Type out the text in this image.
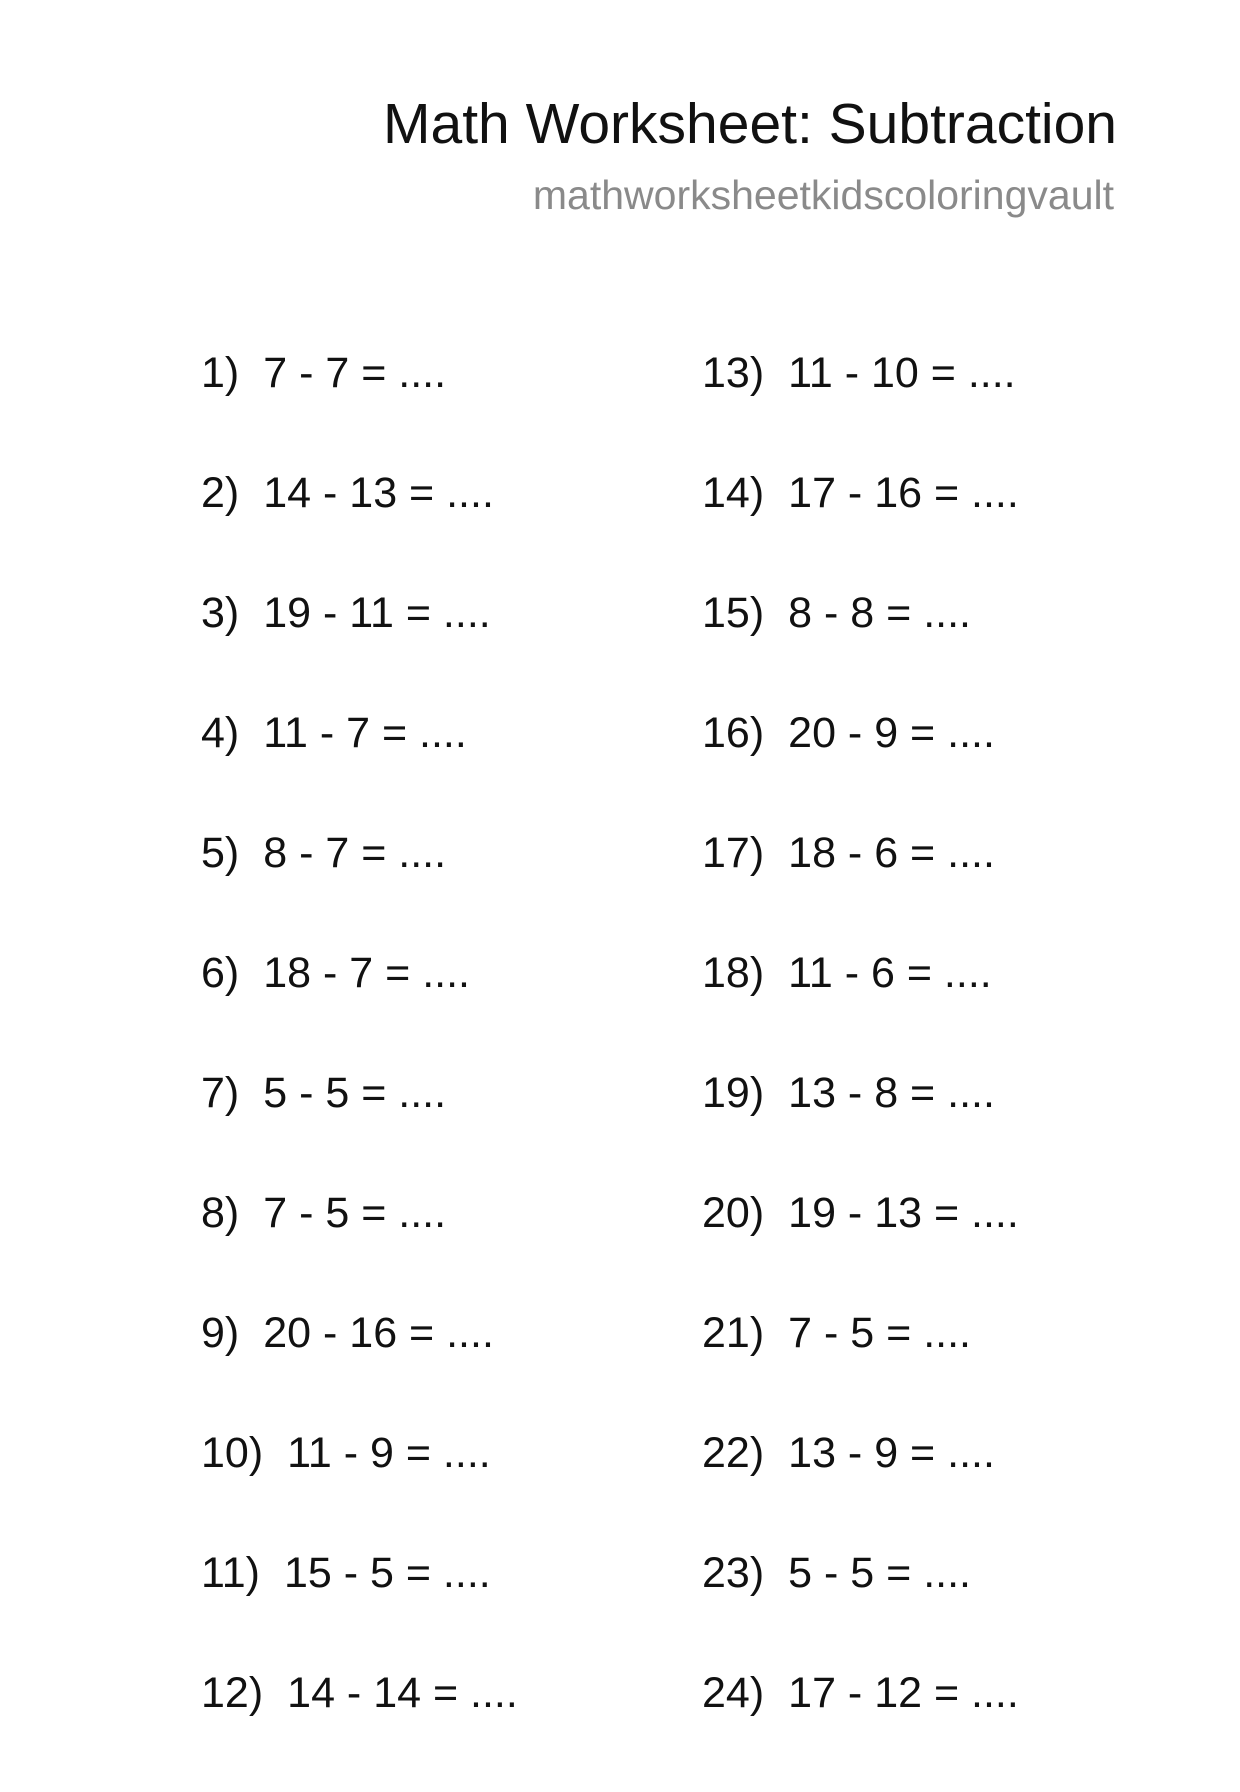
Math Worksheet: Subtraction
mathworksheetkidscoloringvault
1) 7 - 7 = ....
2) 14 - 13 = ....
3) 19 - 11 = ....
4) 11 - 7 = ....
5) 8 - 7 = ....
6) 18 - 7 = ....
7) 5 - 5 = ....
8) 7 - 5 = ....
9) 20 - 16 = ....
10) 11 - 9 = ....
11) 15 - 5 = ....
12) 14 - 14 = ....
13) 11 - 10 = ....
14) 17 - 16 = ....
15) 8 - 8 = ....
16) 20 - 9 = ....
17) 18 - 6 = ....
18) 11 - 6 = ....
19) 13 - 8 = ....
20) 19 - 13 = ....
21) 7 - 5 = ....
22) 13 - 9 = ....
23) 5 - 5 = ....
24) 17 - 12 = ....
